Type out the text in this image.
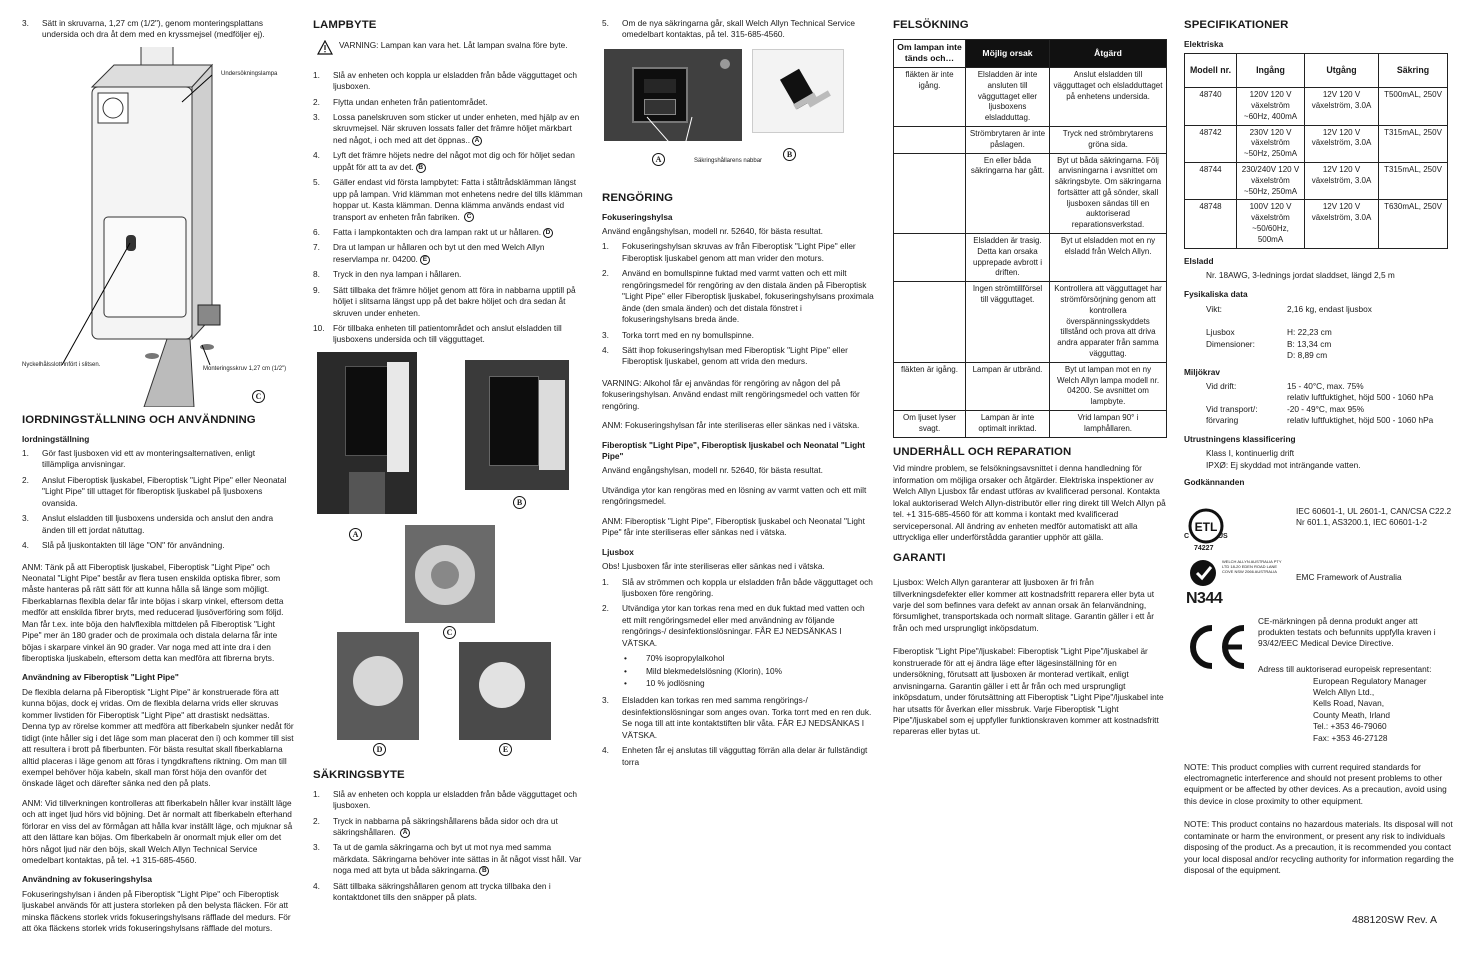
3. Sätt in skruvarna, 1,27 cm (1/2"), genom monteringsplattans undersida och dra åt dem med en kryssmejsel (medföljer ej).
Undersökningslampa
Nyckelhålsslott infört i slitsen.
Monteringsskruv 1,27 cm (1/2")
C
IORDNINGSTÄLLNING OCH ANVÄNDNING
Iordningställning
1. Gör fast ljusboxen vid ett av monteringsalternativen, enligt tillämpliga anvisningar.
2. Anslut Fiberoptisk ljuskabel, Fiberoptisk "Light Pipe" eller Neonatal "Light Pipe" till uttaget för fiberoptisk ljuskabel på ljusboxens ovansida.
3. Anslut elsladden till ljusboxens undersida och anslut den andra änden till ett jordat nätuttag.
4. Slå på ljuskontakten till läge "ON" för användning.

ANM: Tänk på att Fiberoptisk ljuskabel, Fiberoptisk "Light Pipe" och Neonatal "Light Pipe" består av flera tusen enskilda optiska fibrer, som måste hanteras på rätt sätt för att kunna hålla så länge som möjligt. Fiberkablarnas flexibla delar får inte böjas i skarp vinkel, eftersom detta medför att enskilda fibrer bryts, med reducerad ljusöverföring som följd. Man får t.ex. inte böja den halvflexibla mittdelen på Fiberoptisk "Light Pipe" mer än 180 grader och de proximala och distala delarna får inte böjas i skarpare vinkel än 90 grader. Var noga med att inte dra i den fiberoptiska ljuskabeln, eftersom detta kan medföra att fibrerna bryts.

Användning av Fiberoptisk "Light Pipe"

De flexibla delarna på Fiberoptisk "Light Pipe" är konstruerade föra att kunna böjas, dock ej vridas. Om de flexibla delarna vrids eller skruvas kommer livstiden för Fiberoptisk "Light Pipe" att drastiskt nedsättas. Denna typ av rörelse kommer att medföra att fiberkabeln sjunker nedåt för tidigt (inte håller sig i det läge som man placerat den i) och kommer till sist att resultera i brott på fiberbunten. För bästa resultat skall fiberkablarna alltid placeras i läge genom att föras i tyngdkraftens riktning. Om man till exempel behöver höja kabeln, skall man först höja den ovanför det önskade läget och därefter sänka ned den på plats.

ANM: Vid tillverkningen kontrolleras att fiberkabeln håller kvar inställt läge och att inget ljud hörs vid böjning. Det är normalt att fiberkabeln efterhand förlorar en viss del av förmågan att hålla kvar inställt läge, och mjuknar så att den lättare kan böjas. Om fiberkabeln är onormalt mjuk eller om det hörs något ljud när den böjs, skall Welch Allyn Technical Service omedelbart kontaktas, på tel. +1 315-685-4560.

Användning av fokuseringshylsa

Fokuseringshylsan i änden på Fiberoptisk "Light Pipe" och Fiberoptisk ljuskabel används för att justera storleken på den belysta fläcken. För att minska fläckens storlek vrids fokuseringshylsans räfflade del medurs. För att öka fläckens storlek vrids fokuseringshylsans räfflade del moturs.

LAMPBYTE
VARNING: Lampan kan vara het. Låt lampan svalna före byte.
1. Slå av enheten och koppla ur elsladden från både vägguttaget och ljusboxen.
2. Flytta undan enheten från patientområdet.
3. Lossa panelskruven som sticker ut under enheten, med hjälp av en skruvmejsel. När skruven lossats faller det främre höljet märkbart ned något, i och med att det öppnas.. A
4. Lyft det främre höjets nedre del något mot dig och för höljet sedan uppåt för att ta av det. B
5. Gäller endast vid första lampbytet: Fatta i ståltrådsklämman längst upp på lampan. Vrid klämman mot enhetens nedre del tills klämman hoppar ut. Kasta klämman. Denna klämma används endast vid transport av enheten från fabriken. C
6. Fatta i lampkontakten och dra lampan rakt ut ur hållaren. D
7. Dra ut lampan ur hållaren och byt ut den med Welch Allyn reservlampa nr. 04200. E
8. Tryck in den nya lampan i hållaren.
9. Sätt tillbaka det främre höljet genom att föra in nabbarna upptill på höljet i slitsarna längst upp på det bakre höljet och dra sedan åt skruven under enheten.
10. För tillbaka enheten till patientområdet och anslut elsladden till ljusboxens undersida och till vägguttaget.
A
B
C
D	E
SÄKRINGSBYTE
1. Slå av enheten och koppla ur elsladden från både vägguttaget och ljusboxen.
2. Tryck in nabbarna på säkringshållarens båda sidor och dra ut säkringshållaren. A
3. Ta ut de gamla säkringarna och byt ut mot nya med samma märkdata. Säkringarna behöver inte sättas in åt något visst håll. Var noga med att byta ut båda säkringarna. B
4. Sätt tillbaka säkringshållaren genom att trycka tillbaka den i kontaktdonet tills den snäpper på plats.
5. Om de nya säkringarna går, skall Welch Allyn Technical Service omedelbart kontaktas, på tel. 315-685-4560.
A	Säkringshållarens nabbar
B
RENGÖRING
Fokuseringshylsa

Använd engångshylsan, modell nr. 52640, för bästa resultat.

1. Fokuseringshylsan skruvas av från Fiberoptisk "Light Pipe" eller Fiberoptisk ljuskabel genom att man vrider den moturs.
2. Använd en bomullspinne fuktad med varmt vatten och ett milt rengöringsmedel för rengöring av den distala änden på Fiberoptisk "Light Pipe" eller Fiberoptisk ljuskabel, fokuseringshylsans proximala ände (den smala änden) och det distala fönstret i fokuseringshylsans breda ände.
3. Torka torrt med en ny bomullspinne.
4. Sätt ihop fokuseringshylsan med Fiberoptisk "Light Pipe" eller Fiberoptisk ljuskabel, genom att vrida den medurs.

VARNING: Alkohol får ej användas för rengöring av någon del på fokuseringshylsan. Använd endast milt rengöringsmedel och vatten för rengöring.

ANM: Fokuseringshylsan får inte steriliseras eller sänkas ned i vätska.

Fiberoptisk "Light Pipe", Fiberoptisk ljuskabel och Neonatal "Light Pipe"

Använd engångshylsan, modell nr. 52640, för bästa resultat.

Utvändiga ytor kan rengöras med en lösning av varmt vatten och ett milt rengöringsmedel.

ANM: Fiberoptisk "Light Pipe", Fiberoptisk ljuskabel och Neonatal "Light Pipe" får inte steriliseras eller sänkas ned i vätska.

Ljusbox

Obs! Ljusboxen får inte steriliseras eller sänkas ned i vätska.

1. Slå av strömmen och koppla ur elsladden från både vägguttaget och ljusboxen före rengöring.
2. Utvändiga ytor kan torkas rena med en duk fuktad med vatten och ett milt rengöringsmedel eller med användning av följande rengörings-/ desinfektionslösningar. FÅR EJ NEDSÄNKAS I VÄTSKA.
• 70% isopropylalkohol
• Mild blekmedelslösning (Klorin), 10%
• 10 % jodlösning
3. Elsladden kan torkas ren med samma rengörings-/ desinfektionslösningar som anges ovan. Torka torrt med en ren duk. Se noga till att inte kontaktstiften blir våta. FÅR EJ NEDSÄNKAS I VÄTSKA.
4. Enheten får ej anslutas till vägguttag förrän alla delar är fullständigt torra
FELSÖKNING
Om lampan inte tänds och…	Möjlig orsak	Åtgärd
fläkten är inte igång.	Elsladden är inte ansluten till vägguttaget eller ljusboxens elsladduttag.	Anslut elsladden till vägguttaget och elsladduttaget på enhetens undersida.
	Strömbrytaren är inte påslagen.	Tryck ned strömbrytarens gröna sida.
	En eller båda säkringarna har gått.	Byt ut båda säkringarna. Följ anvisningarna i avsnittet om säkringsbyte. Om säkringarna fortsätter att gå sönder, skall ljusboxen sändas till en auktoriserad reparationsverkstad.
	Elsladden är trasig. Detta kan orsaka upprepade avbrott i driften.	Byt ut elsladden mot en ny elsladd från Welch Allyn.
	Ingen strömtillförsel till vägguttaget.	Kontrollera att vägguttaget har strömförsörjning genom att kontrollera överspänningsskyddets tillstånd och prova att driva andra apparater från samma vägguttag.
fläkten är igång.	Lampan är utbränd.	Byt ut lampan mot en ny Welch Allyn lampa modell nr. 04200. Se avsnittet om lampbyte.
Om ljuset lyser svagt.	Lampan är inte optimalt inriktad.	Vrid lampan 90° i lamphållaren.
UNDERHÅLL OCH REPARATION

Vid mindre problem, se felsökningsavsnittet i denna handledning för information om möjliga orsaker och åtgärder. Elektriska inspektioner av Welch Allyn Ljusbox får endast utföras av kvalificerad personal. Kontakta lokal auktoriserad Welch Allyn-distributör eller ring direkt till Welch Allyn på tel. +1 315-685-4560 för att komma i kontakt med kvalificerad servicepersonal. All ändring av enheten medför automatiskt att alla uttryckliga eller underförstådda garantier upphör att gälla.

GARANTI

Ljusbox: Welch Allyn garanterar att ljusboxen är fri från tillverkningsdefekter eller kommer att kostnadsfritt reparera eller byta ut varje del som befinnes vara defekt av annan orsak än felanvändning, försumlighet, transportskada och normalt slitage. Garantin gäller i ett år från och med ursprungligt inköpsdatum.

Fiberoptisk "Light Pipe"/ljuskabel: Fiberoptisk "Light Pipe"/ljuskabel är konstruerade för att ej ändra läge efter lägesinställning för en undersökning, förutsatt att ljusboxen är monterad vertikalt, enligt anvisningarna. Garantin gäller i ett år från och med ursprungligt inköpsdatum, under förutsättning att Fiberoptisk "Light Pipe"/ljuskabel inte har utsatts för åverkan eller missbruk. Varje Fiberoptisk "Light Pipe"/ljuskabel som ej uppfyller funktionskraven kommer att kostnadsfritt repareras eller bytas ut.

SPECIFIKATIONER
Elektriska
Modell nr.	Ingång	Utgång	Säkring
48740	120V 120 V växelström ~60Hz, 400mA	12V 120 V växelström, 3.0A	T500mAL, 250V
48742	230V 120 V växelström ~50Hz, 250mA	12V 120 V växelström, 3.0A	T315mAL, 250V
48744	230/240V 120 V växelström ~50Hz, 250mA	12V 120 V växelström, 3.0A	T315mAL, 250V
48748	100V 120 V växelström ~50/60Hz, 500mA	12V 120 V växelström, 3.0A	T630mAL, 250V
Elsladd
Nr. 18AWG, 3-lednings jordat sladdset, längd 2,5 m
Fysikaliska data
Vikt:	2,16 kg, endast ljusbox
Ljusbox	H: 22,23 cm
Dimensioner:	B: 13,34 cm
D: 8,89 cm
Miljökrav
Vid drift:	15 - 40°C, max. 75%
relativ luftfuktighet, höjd 500 - 1060 hPa
Vid transport/:	-20 - 49°C, max 95%
förvaring	relativ luftfuktighet, höjd 500 - 1060 hPa
Utrustningens klassificering
Klass I, kontinuerlig drift
IPXØ: Ej skyddad mot inträngande vatten.
Godkännanden
ETL
C	US
74227
IEC 60601-1, UL 2601-1, CAN/CSA C22.2 Nr 601.1, AS3200.1, IEC 60601-1-2
WELCH ALLYN AUSTRALIA PTY LTD 18-20 EDEN ROAD LANE COVE NSW 2066 AUSTRALIA
N344
EMC Framework of Australia
CE-märkningen på denna produkt anger att produkten testats och befunnits uppfylla kraven i 93/42/EEC Medical Device Directive.
Adress till auktoriserad europeisk representant:
European Regulatory Manager
Welch Allyn Ltd.,
Kells Road, Navan,
County Meath, Irland
Tel.: +353 46-79060
Fax: +353 46-27128

NOTE: This product complies with current required standards for electromagnetic interference and should not present problems to other equipment or be affected by other devices. As a precaution, avoid using this device in close proximity to other equipment.

NOTE: This product contains no hazardous materials. Its disposal will not contaminate or harm the environment, or present any risk to individuals disposing of the product. As a precaution, it is recommended you contact your local disposal and/or recycling authority for information regarding the disposal of the equipment.

488120SW Rev. A
